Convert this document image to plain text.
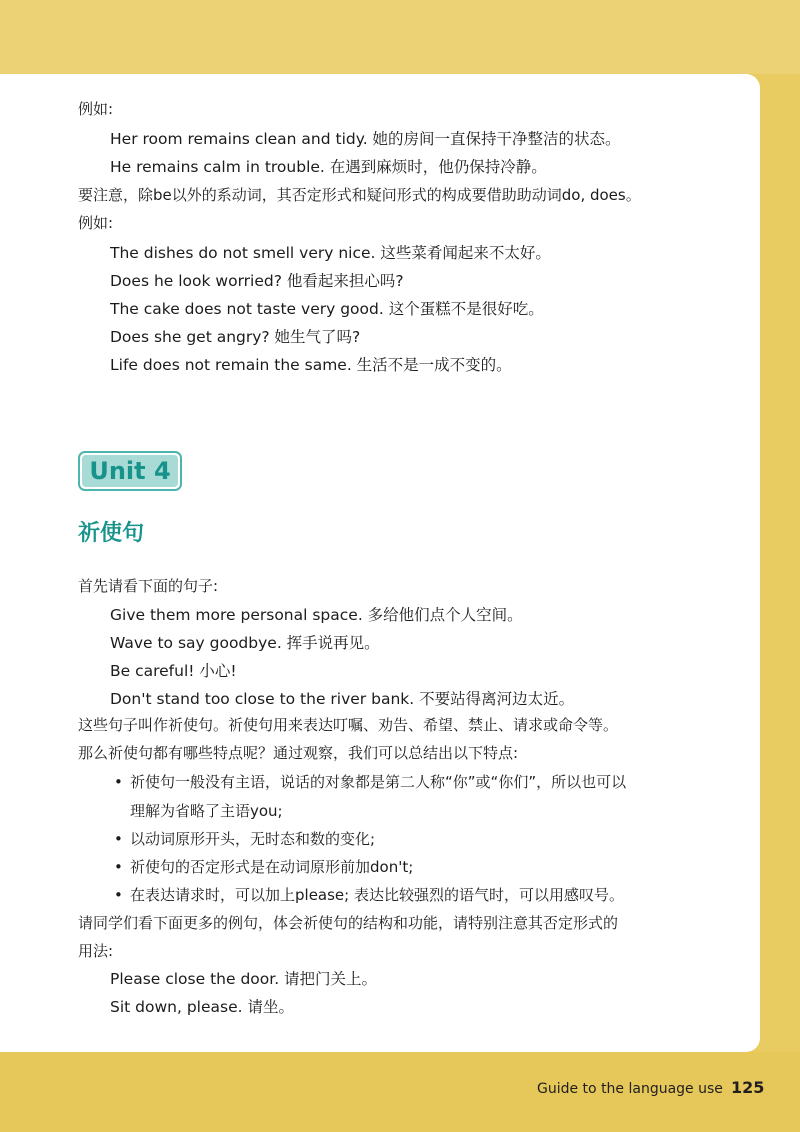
例如:
Her room remains clean and tidy. 她的房间一直保持干净整洁的状态。
He remains calm in trouble. 在遇到麻烦时，他仍保持冷静。
要注意，除be以外的系动词，其否定形式和疑问形式的构成要借助助动词do, does。
例如:
The dishes do not smell very nice. 这些菜肴闻起来不太好。
Does he look worried? 他看起来担心吗?
The cake does not taste very good. 这个蛋糕不是很好吃。
Does she get angry? 她生气了吗?
Life does not remain the same. 生活不是一成不变的。
Unit 4
祈使句
首先请看下面的句子:
Give them more personal space. 多给他们点个人空间。
Wave to say goodbye. 挥手说再见。
Be careful! 小心!
Don't stand too close to the river bank. 不要站得离河边太近。
这些句子叫作祈使句。祈使句用来表达叮嘱、劝告、希望、禁止、请求或命令等。
那么祈使句都有哪些特点呢？通过观察，我们可以总结出以下特点:
• 祈使句一般没有主语，说话的对象都是第二人称“你”或“你们”，所以也可以
理解为省略了主语you;
• 以动词原形开头，无时态和数的变化;
• 祈使句的否定形式是在动词原形前加don't;
• 在表达请求时，可以加上please; 表达比较强烈的语气时，可以用感叹号。
请同学们看下面更多的例句，体会祈使句的结构和功能，请特别注意其否定形式的
用法:
Please close the door. 请把门关上。
Sit down, please. 请坐。
Guide to the language use 125
